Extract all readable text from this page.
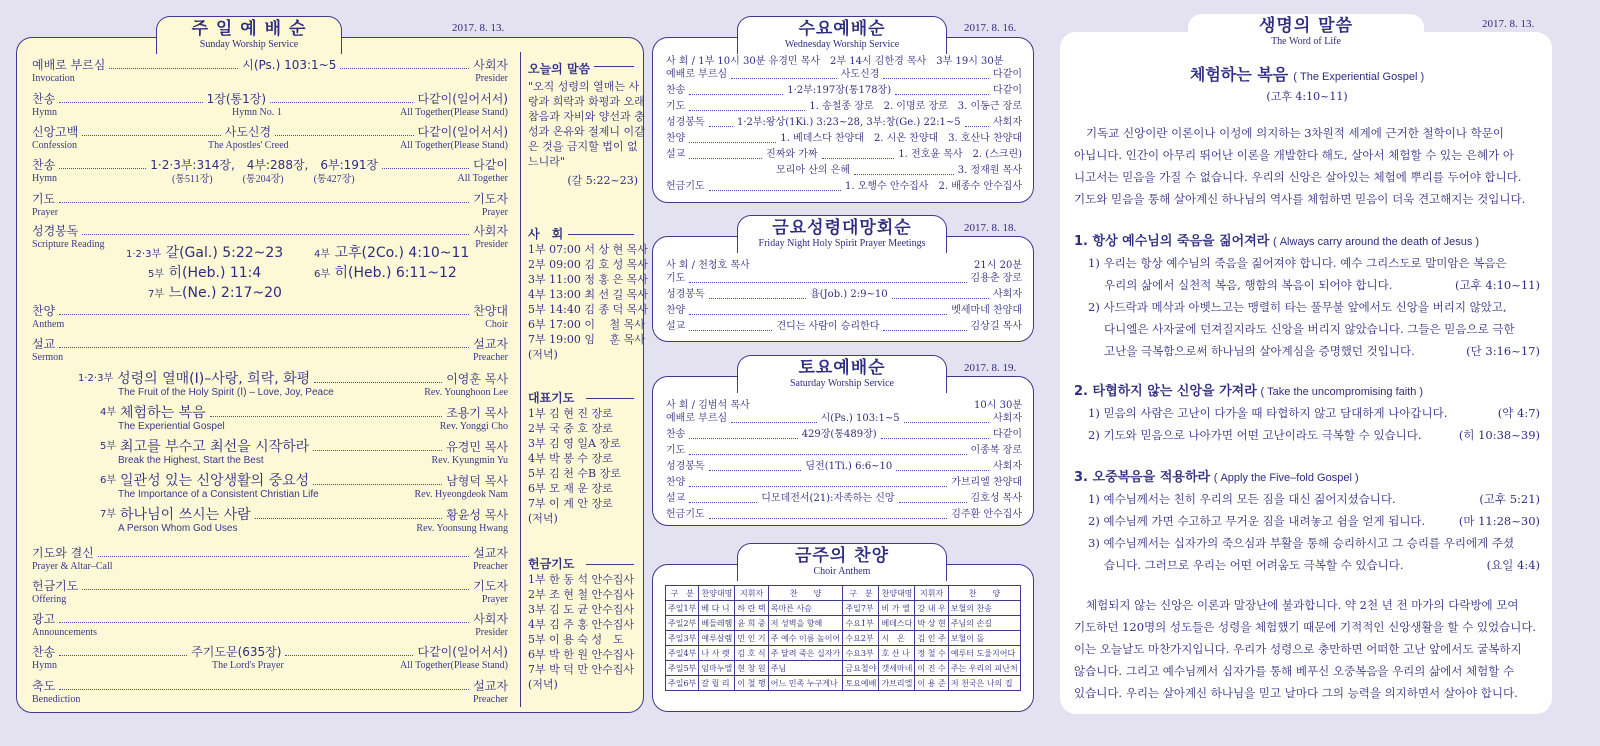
주 일 예 배 순
Sunday Worship Service
2017. 8. 13.
예배로 부르심	시(Ps.) 103:1~5	사회자
Invocation	Presider
찬송	1장(통1장)	다같이(일어서서)
Hymn	Hymn No. 1	All Together(Please Stand)
신앙고백	사도신경	다같이(일어서서)
Confession	The Apostles' Creed	All Together(Please Stand)
찬송	1·2·3부:314장,　4부:288장,　6부:191장	다같이
Hymn	(통511장)　　　(통204장)　　　(통427장)	All Together
기도	기도자
Prayer	Prayer
성경봉독	사회자
Scripture Reading	Presider
1·2·3부 갈(Gal.) 5:22~23	4부 고후(2Co.) 4:10~11
5부 히(Heb.) 11:4	6부 히(Heb.) 6:11~12
7부 느(Ne.) 2:17~20
찬양	찬양대
Anthem	Choir
설교	설교자
Sermon	Preacher
1·2·3부 성령의 열매(Ⅰ)–사랑, 희락, 화평	이영훈 목사
The Fruit of the Holy Spirit (Ⅰ) – Love, Joy, Peace	Rev. Younghoon Lee
4부 체험하는 복음	조용기 목사
The Experiential Gospel	Rev. Yonggi Cho
5부 최고를 부수고 최선을 시작하라	유경민 목사
Break the Highest, Start the Best	Rev. Kyungmin Yu
6부 일관성 있는 신앙생활의 중요성	남형덕 목사
The Importance of a Consistent Christian Life	Rev. Hyeongdeok Nam
7부 하나님이 쓰시는 사람	황윤성 목사
A Person Whom God Uses	Rev. Yoonsung Hwang
기도와 결신	설교자
Prayer & Altar–Call	Preacher
헌금기도	기도자
Offering	Prayer
광고	사회자
Announcements	Presider
찬송	주기도문(635장)	다같이(일어서서)
Hymn	The Lord's Prayer	All Together(Please Stand)
축도	설교자
Benediction	Preacher
오늘의 말씀

"오직 성령의 열매는 사

랑과 희락과 화평과 오래

참음과 자비와 양선과 충

성과 온유와 절제니 이같

은 것을 금지할 법이 없

느니라"

(갈 5:22~23)

사　회

1부 07:00 서 상 현 목사

2부 09:00 김 호 성 목사

3부 11:00 정 홍 은 목사

4부 13:00 최 선 길 목사

5부 14:40 김 종 덕 목사

6부 17:00 이 　철 목사

7부 19:00 임 　훈 목사

(저녁)

대표기도

1부 김 현 진 장로

2부 국 중 호 장로

3부 김 영 일A 장로

4부 박 봉 수 장로

5부 김 천 수B 장로

6부 모 재 운 장로

7부 이 계 안 장로

(저녁)

헌금기도

1부 한 동 석 안수집사

2부 조 현 철 안수집사

3부 김 도 균 안수집사

4부 김 주 홍 안수집사

5부 이 용 숙 성　도

6부 박 한 원 안수집사

7부 박 덕 만 안수집사

(저녁)

수요예배순
Wednesday Worship Service
2017. 8. 16.
사 회 / 1부 10시 30분 유경민 목사　2부 14시 김한경 목사　3부 19시 30분
예배로 부르심	사도신경	다같이
찬송	1·2부:197장(통178장)	다같이
기도	1. 송철종 장로　2. 이명로 장로　3. 이동근 장로
성경봉독	1·2부:왕상(1Ki.) 3:23~28, 3부:창(Ge.) 22:1~5	사회자
찬양	1. 베데스다 찬양대　2. 시온 찬양대　3. 호산나 찬양대
설교	진짜와 가짜	1. 전호윤 목사　2. (스크린)
모리아 산의 은혜	3. 정재원 목사
헌금기도	1. 오행수 안수집사　2. 배종수 안수집사
금요성령대망회순
Friday Night Holy Spirit Prayer Meetings
2017. 8. 18.
사 회 / 천청호 목사	21시 20분
기도	김용춘 장로
성경봉독	욥(Job.) 2:9~10	사회자
찬양	벳세마네 찬양대
설교	견디는 사람이 승리한다	김상길 목사
토요예배순
Saturday Worship Service
2017. 8. 19.
사 회 / 김범석 목사	10시 30분
예배로 부르심	시(Ps.) 103:1~5	사회자
찬송	429장(통489장)	다같이
기도	이종복 장로
성경봉독	딤전(1Ti.) 6:6~10	사회자
찬양	가브리엘 찬양대
설교	디모데전서(21):자족하는 신앙	김호성 목사
헌금기도	김주환 안수집사
구　분	찬양대명	지휘자	찬　　양	구　분	찬양대명	지휘자	찬　　양
주일1부	베 다 니	하 란 택	목마른 사슴	주일7부	비 가 엘	강 내 우	보혈의 찬송
주일2부	베들레헴	윤 희 중	저 성벽을 향해	수요1부	베데스다	박 상 현	주님의 손길
주일3부	예루살렘	민 인 기	주 예수 이름 높이어	수요2부	시　온	김 인 주	보혈이 돌
주일4부	나 사 렛	김 호 식	주 달려 죽은 십자가	수요3부	호 산 나	정 철 수	예루터 도울지어다
주일5부	임마누엘	현 창 원	주님	금요철야	갯세마네	이 진 수	주는 우리의 피난처
주일6부	갈 릴 리	이 철 행	어느 민족 누구게나	토요예배	가브리엘	이 용 준	저 천국은 나의 집
금주의 찬양
Choir Anthem
생명의 말씀
The Word of Life
2017. 8. 13.
체험하는 복음 ( The Experiential Gospel )
(고후 4:10~11)

기독교 신앙이란 이론이나 이성에 의지하는 3차원적 세계에 근거한 철학이나 학문이

아닙니다. 인간이 아무리 뛰어난 이론을 개발한다 해도, 살아서 체험할 수 있는 은혜가 아

니고서는 믿음을 가질 수 없습니다. 우리의 신앙은 살아있는 체험에 뿌리를 두어야 합니다.

기도와 믿음을 통해 살아계신 하나님의 역사를 체험하면 믿음이 더욱 견고해지는 것입니다.

1. 항상 예수님의 죽음을 짊어져라 ( Always carry around the death of Jesus )

1) 우리는 항상 예수님의 죽음을 짊어져야 합니다. 예수 그리스도로 말미암은 복음은

우리의 삶에서 실천적 복음, 행함의 복음이 되어야 합니다.	(고후 4:10~11)

2) 사드락과 메삭과 아벳느고는 맹렬히 타는 풀무불 앞에서도 신앙을 버리지 않았고,

다니엘은 사자굴에 던져질지라도 신앙을 버리지 않았습니다. 그들은 믿음으로 극한

고난을 극복함으로써 하나님의 살아계심을 증명했던 것입니다.	(단 3:16~17)

2. 타협하지 않는 신앙을 가져라 ( Take the uncompromising faith )

1) 믿음의 사람은 고난이 다가올 때 타협하지 않고 담대하게 나아갑니다.	(약 4:7)

2) 기도와 믿음으로 나아가면 어떤 고난이라도 극복할 수 있습니다.	(히 10:38~39)

3. 오중복음을 적용하라 ( Apply the Five–fold Gospel )

1) 예수님께서는 친히 우리의 모든 짐을 대신 짊어지셨습니다.	(고후 5:21)

2) 예수님께 가면 수고하고 무거운 짐을 내려놓고 쉼을 얻게 됩니다.	(마 11:28~30)

3) 예수님께서는 십자가의 죽으심과 부활을 통해 승리하시고 그 승리를 우리에게 주셨

습니다. 그러므로 우리는 어떤 어려움도 극복할 수 있습니다.	(요일 4:4)

체험되지 않는 신앙은 이론과 말장난에 불과합니다. 약 2천 년 전 마가의 다락방에 모여

기도하던 120명의 성도들은 성령을 체험했기 때문에 기적적인 신앙생활을 할 수 있었습니다.

이는 오늘날도 마찬가지입니다. 우리가 성령으로 충만하면 어떠한 고난 앞에서도 굴복하지

않습니다. 그리고 예수님께서 십자가를 통해 베푸신 오중복음을 우리의 삶에서 체험할 수

있습니다. 우리는 살아계신 하나님을 믿고 날마다 그의 능력을 의지하면서 살아야 합니다.
